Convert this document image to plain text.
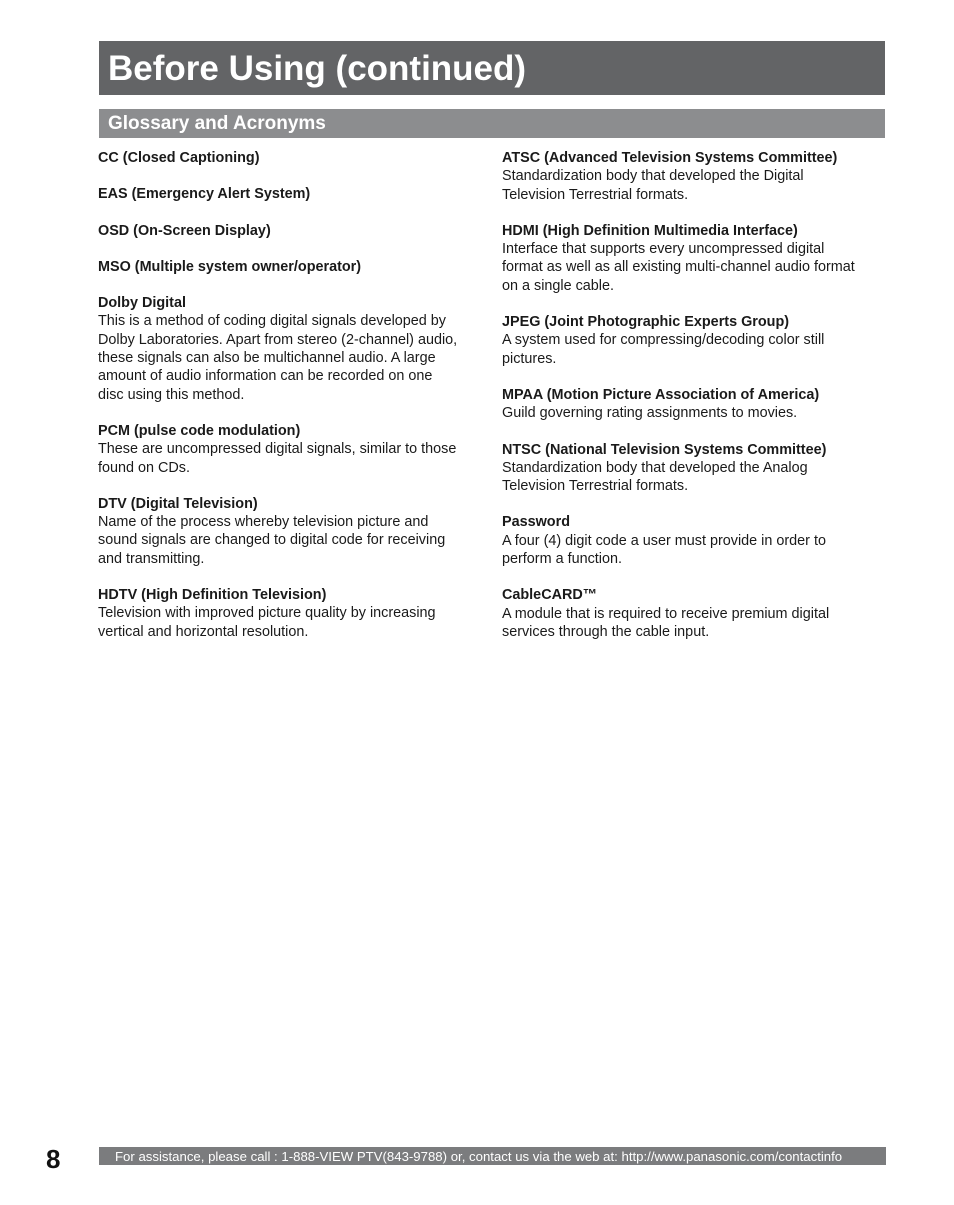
Before Using (continued)
Glossary and Acronyms

CC (Closed Captioning)

EAS (Emergency Alert System)

OSD (On-Screen Display)

MSO (Multiple system owner/operator)

Dolby Digital

This is a method of coding digital signals developed by

Dolby Laboratories. Apart from stereo (2-channel) audio,

these signals can also be multichannel audio. A large

amount of audio information can be recorded on one

disc using this method.

PCM (pulse code modulation)

These are uncompressed digital signals, similar to those

found on CDs.

DTV (Digital Television)

Name of the process whereby television picture and

sound signals are changed to digital code for receiving

and transmitting.

HDTV (High Definition Television)

Television with improved picture quality by increasing

vertical and horizontal resolution.

ATSC (Advanced Television Systems Committee)

Standardization body that developed the Digital

Television Terrestrial formats.

HDMI (High Definition Multimedia Interface)

Interface that supports every uncompressed digital

format as well as all existing multi-channel audio format

on a single cable.

JPEG (Joint Photographic Experts Group)

A system used for compressing/decoding color still

pictures.

MPAA (Motion Picture Association of America)

Guild governing rating assignments to movies.

NTSC (National Television Systems Committee)

Standardization body that developed the Analog

Television Terrestrial formats.

Password

A four (4) digit code a user must provide in order to

perform a function.

CableCARD™

A module that is required to receive premium digital

services through the cable input.

8	For assistance, please call : 1-888-VIEW PTV(843-9788) or, contact us via the web at: http://www.panasonic.com/contactinfo
